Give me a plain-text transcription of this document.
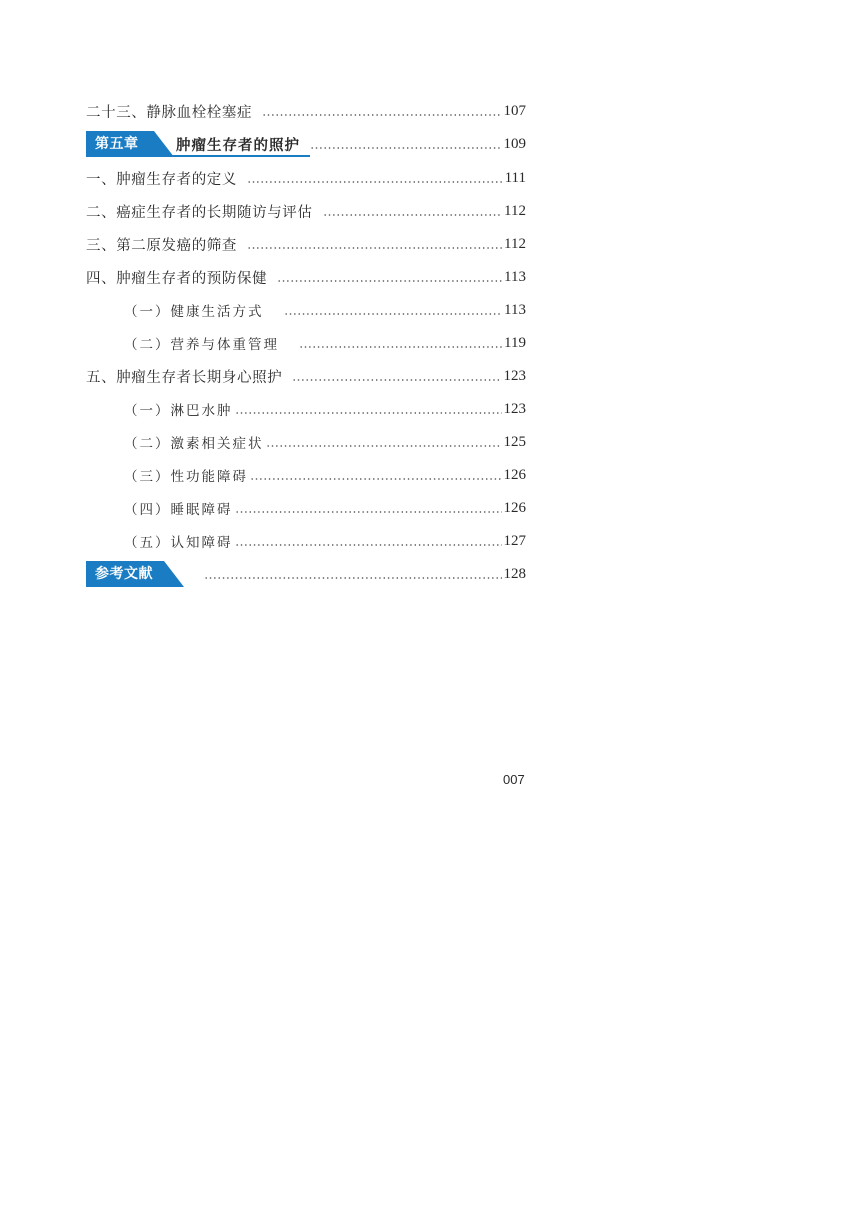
二十三、静脉血栓栓塞症	107
第五章	肿瘤生存者的照护	109
一、肿瘤生存者的定义	111
二、癌症生存者的长期随访与评估	112
三、第二原发癌的筛查	112
四、肿瘤生存者的预防保健	113
（一）健康生活方式	113
（二）营养与体重管理	119
五、肿瘤生存者长期身心照护	123
（一）淋巴水肿	123
（二）激素相关症状	125
（三）性功能障碍	126
（四）睡眠障碍	126
（五）认知障碍	127
参考文献	128
007
